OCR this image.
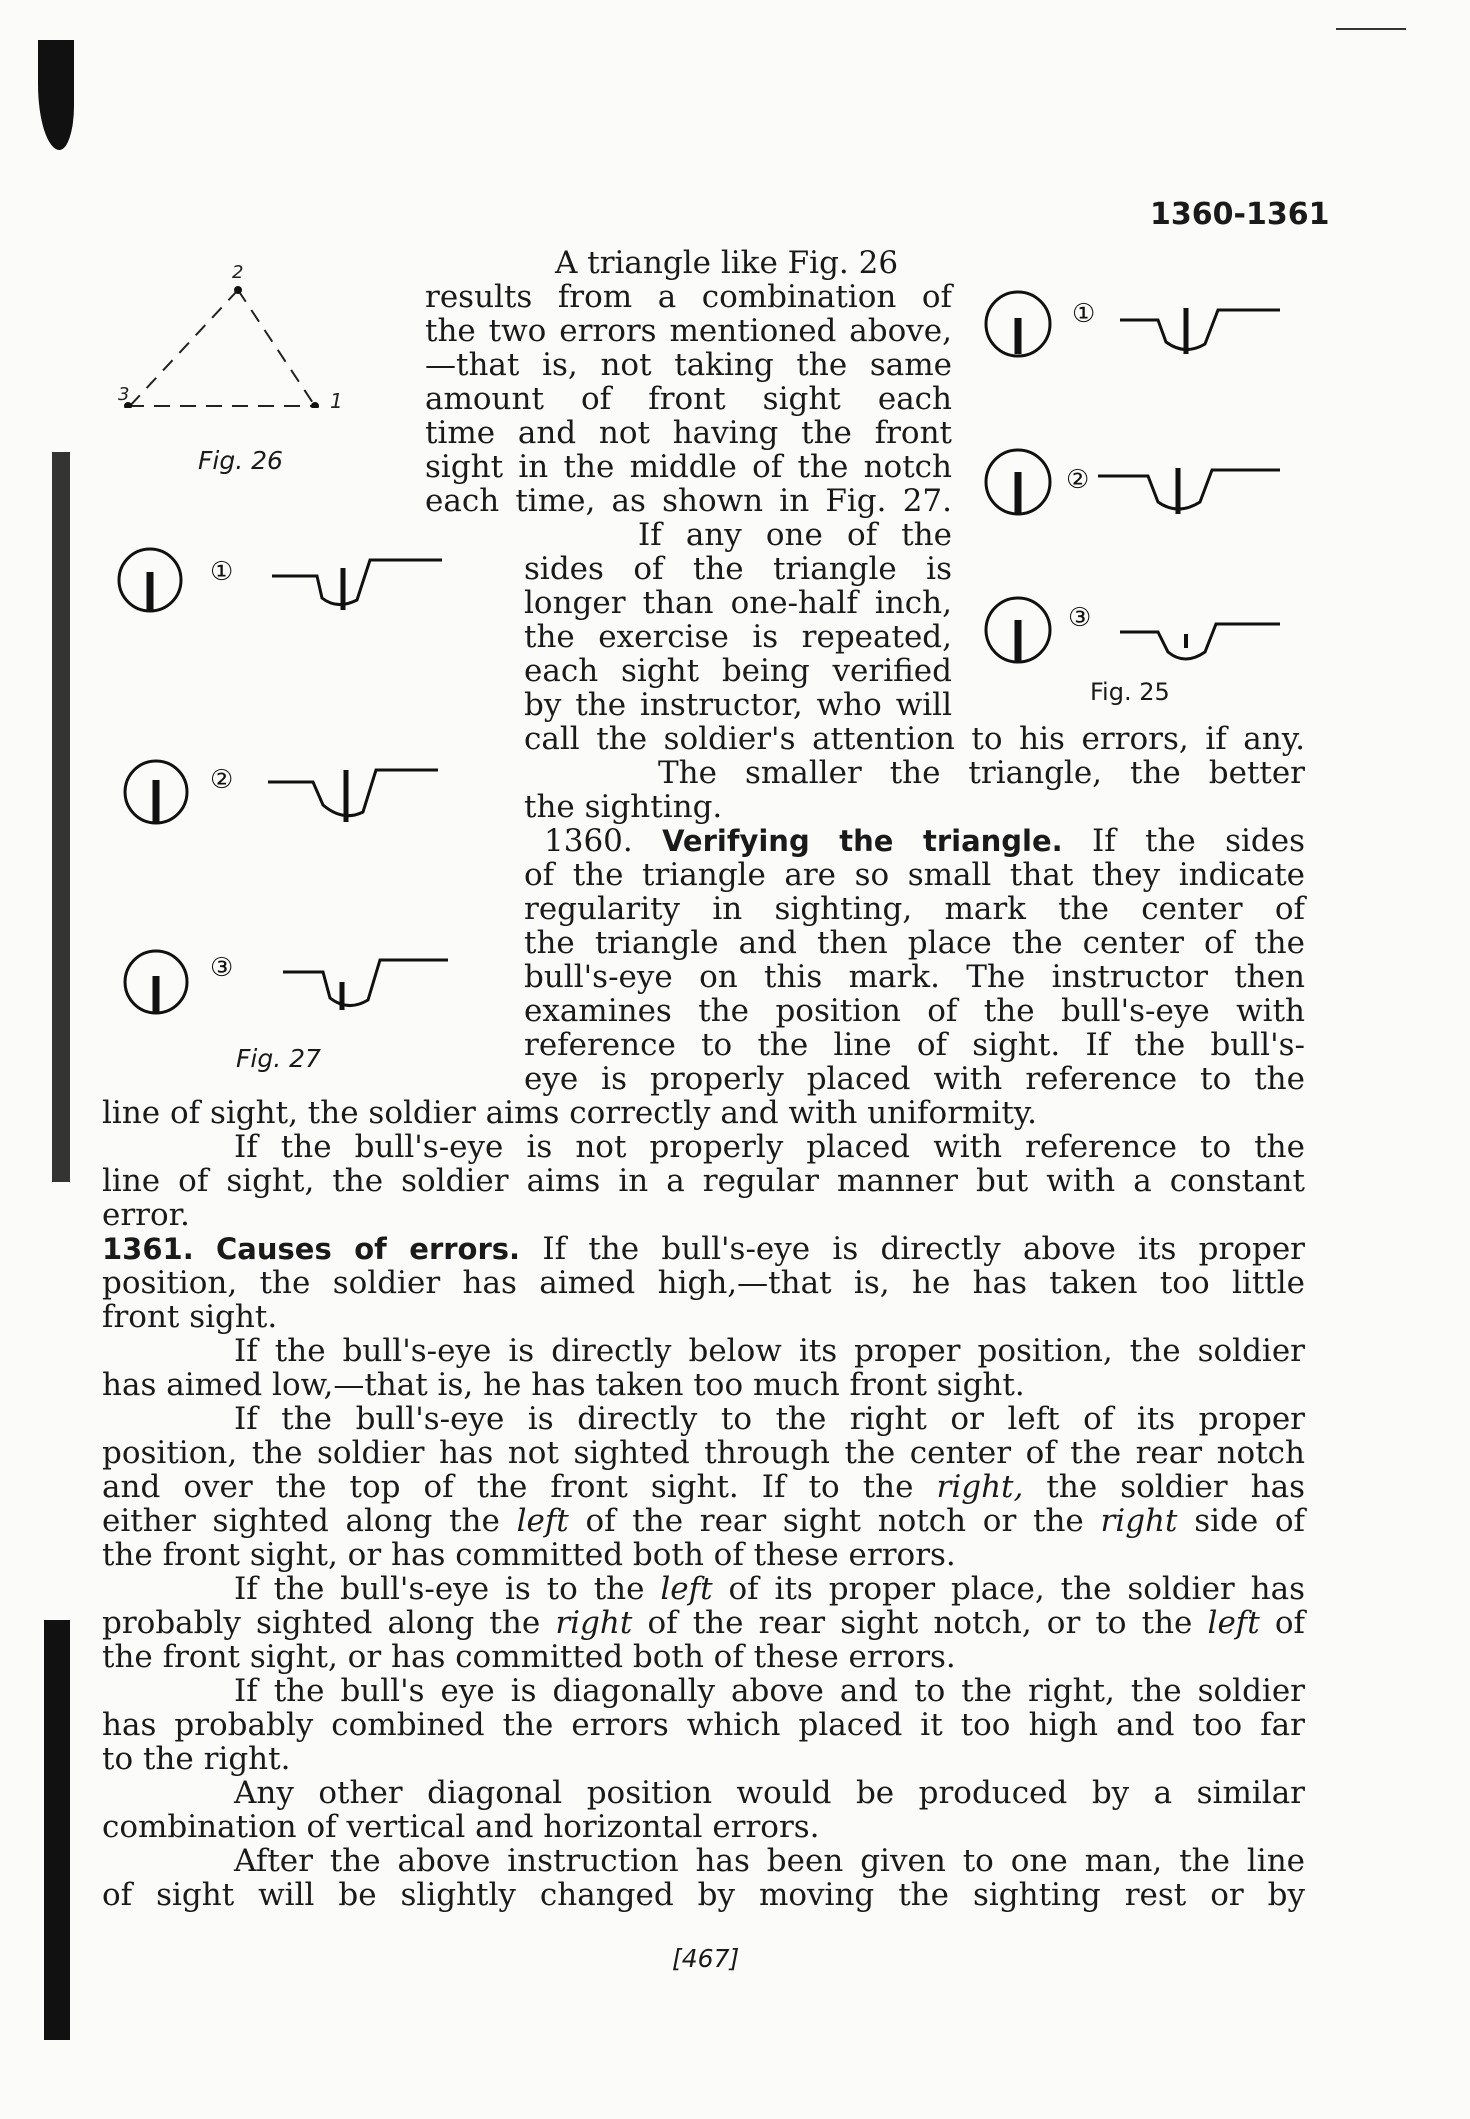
1360-1361
2
3	1
Fig. 26
①
②
③
Fig. 27
①
②
③
Fig. 25
A triangle like Fig. 26
results from a combination of
the two errors mentioned above,
—that is, not taking the same
amount of front sight each
time and not having the front
sight in the middle of the notch
each time, as shown in Fig. 27.
If any one of the
sides of the triangle is
longer than one-half inch,
the exercise is repeated,
each sight being verified
by the instructor, who will
call the soldier's attention to his errors, if any.
The smaller the triangle, the better
the sighting.
1360. Verifying the triangle. If the sides
of the triangle are so small that they indicate
regularity in sighting, mark the center of
the triangle and then place the center of the
bull's-eye on this mark. The instructor then
examines the position of the bull's-eye with
reference to the line of sight. If the bull's-
eye is properly placed with reference to the
line of sight, the soldier aims correctly and with uniformity.
If the bull's-eye is not properly placed with reference to the
line of sight, the soldier aims in a regular manner but with a constant
error.
1361. Causes of errors. If the bull's-eye is directly above its proper
position, the soldier has aimed high,—that is, he has taken too little
front sight.
If the bull's-eye is directly below its proper position, the soldier
has aimed low,—that is, he has taken too much front sight.
If the bull's-eye is directly to the right or left of its proper
position, the soldier has not sighted through the center of the rear notch
and over the top of the front sight. If to the right, the soldier has
either sighted along the left of the rear sight notch or the right side of
the front sight, or has committed both of these errors.
If the bull's-eye is to the left of its proper place, the soldier has
probably sighted along the right of the rear sight notch, or to the left of
the front sight, or has committed both of these errors.
If the bull's eye is diagonally above and to the right, the soldier
has probably combined the errors which placed it too high and too far
to the right.
Any other diagonal position would be produced by a similar
combination of vertical and horizontal errors.
After the above instruction has been given to one man, the line
of sight will be slightly changed by moving the sighting rest or by
[467]
